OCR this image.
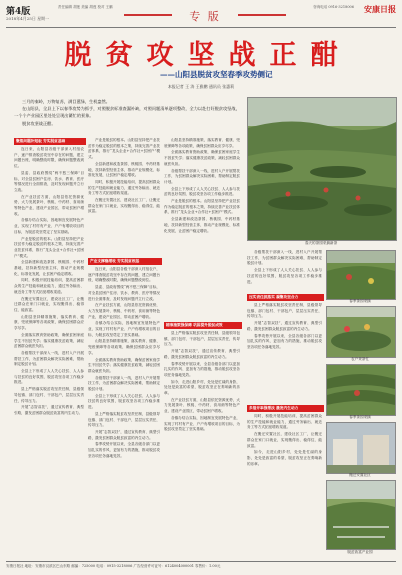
第4版
2018年4月25日 星期一
责任编辑 胡莲 美编 胡莲 校对 王鹏
专 版
咨询电话 0916-3218006 安康日报
脱贫攻坚战正酣
——山阳县脱贫攻坚春季攻势侧记
本报记者 王 涛 王雅鹏 通讯员 张惠莉

三月的秦岭，万物复苏，满目葱绿，生机盎然。

在山阳县，全县上下以春季攻势为抓手，对照脱贫标准查漏补缺，对照问题清单逐项整改，全力以赴打好脱贫攻坚战，一个个产业园区里处处呈现出繁忙的景象。

脱贫攻坚战正酣。

春天的茶园采摘新茶
聚焦问题补短板 夯实脱贫基础

连日来，山阳县各级干部深入村组农户，逐户排查脱贫攻坚中存在的问题，建立问题台账，明确整改时限，确保问题整改到位。

县委、县政府围绕“两不愁三保障”目标，对全县贫困户住房、饮水、教育、医疗等情况进行全面排查，及时发现问题并立行立改。

在产业扶贫方面，山阳县依托资源优势，大力发展茶叶、核桃、中药材、食用菌等特色产业，建设产业园区，带动贫困户增收。

各镇办结合实际，因地制宜发展特色产业，实现了村村有产业、户户有增收项目的目标，为脱贫攻坚奠定了坚实基础。

产业是脱贫的根本。山阳县坚持把产业扶贫作为稳定脱贫的根本之策，持续完善产业扶贫体系，推行“龙头企业+合作社+贫困户”模式。

全县新建和改造茶园、核桃园、中药材基地，扶持新型经营主体，推动产业规模化、标准化发展，让贫困户稳定增收。

同时，积极开展技能培训，提高贫困群众的生产技能和就业能力，通过劳务输出、就近务工等方式拓宽增收渠道。

在搬迁安置社区，建设社区工厂，让搬迁群众在家门口就业，实现搬得出、稳得住、能致富。

山阳县坚持精准施策，落实教育、健康、兜底保障等各项政策，确保贫困群众应享尽享。

全面落实教育资助政策，确保贫困家庭学生不因贫失学；落实健康扶贫政策，减轻贫困群众就医负担。

各级帮扶干部深入一线，进村入户开展帮扶工作，为贫困群众解决实际困难，帮助制定脱贫计划。

全县上下形成了人人关心扶贫、人人参与扶贫的良好氛围，脱贫攻坚各项工作稳步推进。

县上严格落实脱贫攻坚责任制，县级领导包镇、部门包村、干部包户，层层压实责任，传导压力。

开展“志智双扶”，通过宣传教育、典型引路，激发贫困群众脱贫致富的内生动力。

产业是脱贫的根本。山阳县坚持把产业扶贫作为稳定脱贫的根本之策，持续完善产业扶贫体系，推行“龙头企业+合作社+贫困户”模式。

全县新建和改造茶园、核桃园、中药材基地，扶持新型经营主体，推动产业规模化、标准化发展，让贫困户稳定增收。

同时，积极开展技能培训，提高贫困群众的生产技能和就业能力，通过劳务输出、就近务工等方式拓宽增收渠道。

在搬迁安置社区，建设社区工厂，让搬迁群众在家门口就业，实现搬得出、稳得住、能致富。

产业支撑稳增收 夯实脱贫根基

连日来，山阳县各级干部深入村组农户，逐户排查脱贫攻坚中存在的问题，建立问题台账，明确整改时限，确保问题整改到位。

县委、县政府围绕“两不愁三保障”目标，对全县贫困户住房、饮水、教育、医疗等情况进行全面排查，及时发现问题并立行立改。

在产业扶贫方面，山阳县依托资源优势，大力发展茶叶、核桃、中药材、食用菌等特色产业，建设产业园区，带动贫困户增收。

各镇办结合实际，因地制宜发展特色产业，实现了村村有产业、户户有增收项目的目标，为脱贫攻坚奠定了坚实基础。

山阳县坚持精准施策，落实教育、健康、兜底保障等各项政策，确保贫困群众应享尽享。

全面落实教育资助政策，确保贫困家庭学生不因贫失学；落实健康扶贫政策，减轻贫困群众就医负担。

各级帮扶干部深入一线，进村入户开展帮扶工作，为贫困群众解决实际困难，帮助制定脱贫计划。

全县上下形成了人人关心扶贫、人人参与扶贫的良好氛围，脱贫攻坚各项工作稳步推进。

县上严格落实脱贫攻坚责任制，县级领导包镇、部门包村、干部包户，层层压实责任，传导压力。

开展“志智双扶”，通过宣传教育、典型引路，激发贫困群众脱贫致富的内生动力。

春季攻势开展以来，全县各级各部门以更加扎实的作风、更加有力的措施，推动脱贫攻坚各项任务落地见效。

山阳县坚持精准施策，落实教育、健康、兜底保障等各项政策，确保贫困群众应享尽享。

全面落实教育资助政策，确保贫困家庭学生不因贫失学；落实健康扶贫政策，减轻贫困群众就医负担。

各级帮扶干部深入一线，进村入户开展帮扶工作，为贫困群众解决实际困难，帮助制定脱贫计划。

全县上下形成了人人关心扶贫、人人参与扶贫的良好氛围，脱贫攻坚各项工作稳步推进。

产业是脱贫的根本。山阳县坚持把产业扶贫作为稳定脱贫的根本之策，持续完善产业扶贫体系，推行“龙头企业+合作社+贫困户”模式。

全县新建和改造茶园、核桃园、中药材基地，扶持新型经营主体，推动产业规模化、标准化发展，让贫困户稳定增收。

精准施策强保障 巩固提升脱贫成效

县上严格落实脱贫攻坚责任制，县级领导包镇、部门包村、干部包户，层层压实责任，传导压力。

开展“志智双扶”，通过宣传教育、典型引路，激发贫困群众脱贫致富的内生动力。

春季攻势开展以来，全县各级各部门以更加扎实的作风、更加有力的措施，推动脱贫攻坚各项任务落地见效。

如今，走进山阳乡村，处处是忙碌的身影，处处是致富的希望，脱贫攻坚正在奏响新的乐章。

在产业扶贫方面，山阳县依托资源优势，大力发展茶叶、核桃、中药材、食用菌等特色产业，建设产业园区，带动贫困户增收。

各镇办结合实际，因地制宜发展特色产业，实现了村村有产业、户户有增收项目的目标，为脱贫攻坚奠定了坚实基础。

各级帮扶干部深入一线，进村入户开展帮扶工作，为贫困群众解决实际困难，帮助制定脱贫计划。

全县上下形成了人人关心扶贫、人人参与扶贫的良好氛围，脱贫攻坚各项工作稳步推进。

压实责任抓落实 凝聚攻坚合力

县上严格落实脱贫攻坚责任制，县级领导包镇、部门包村、干部包户，层层压实责任，传导压力。

开展“志智双扶”，通过宣传教育、典型引路，激发贫困群众脱贫致富的内生动力。

春季攻势开展以来，全县各级各部门以更加扎实的作风、更加有力的措施，推动脱贫攻坚各项任务落地见效。

多措并举强帮扶 激发内生动力

同时，积极开展技能培训，提高贫困群众的生产技能和就业能力，通过劳务输出、就近务工等方式拓宽增收渠道。

在搬迁安置社区，建设社区工厂，让搬迁群众在家门口就业，实现搬得出、稳得住、能致富。

如今，走进山阳乡村，处处是忙碌的身影，处处是致富的希望，脱贫攻坚正在奏响新的乐章。

春季茶园采摘
农户采茶忙
春季茶园采摘
搬迁安置社区
脱贫致富产业园
安康日报社 地址：安康市汉滨区巴山东路 邮编：725000 电话：0915-3218006 广告经营许可证号：6124004000001 零售价：1.00元
